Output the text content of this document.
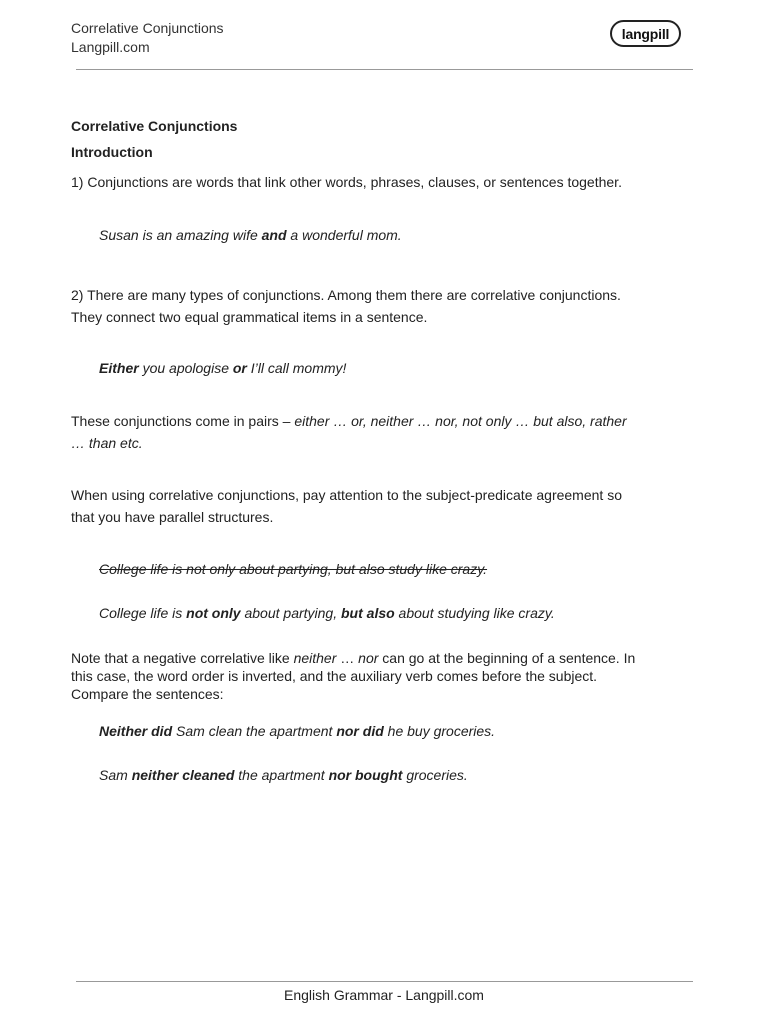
Correlative Conjunctions
Langpill.com
langpill
Correlative Conjunctions
Introduction
1) Conjunctions are words that link other words, phrases, clauses, or sentences together.
Susan is an amazing wife and a wonderful mom.
2) There are many types of conjunctions. Among them there are correlative conjunctions.
They connect two equal grammatical items in a sentence.
Either you apologise or I’ll call mommy!
These conjunctions come in pairs – either … or, neither … nor, not only … but also, rather
… than etc.
When using correlative conjunctions, pay attention to the subject-predicate agreement so
that you have parallel structures.
College life is not only about partying, but also study like crazy.
College life is not only about partying, but also about studying like crazy.
Note that a negative correlative like neither … nor can go at the beginning of a sentence. In
this case, the word order is inverted, and the auxiliary verb comes before the subject.
Compare the sentences:
Neither did Sam clean the apartment nor did he buy groceries.
Sam neither cleaned the apartment nor bought groceries.
English Grammar - Langpill.com
